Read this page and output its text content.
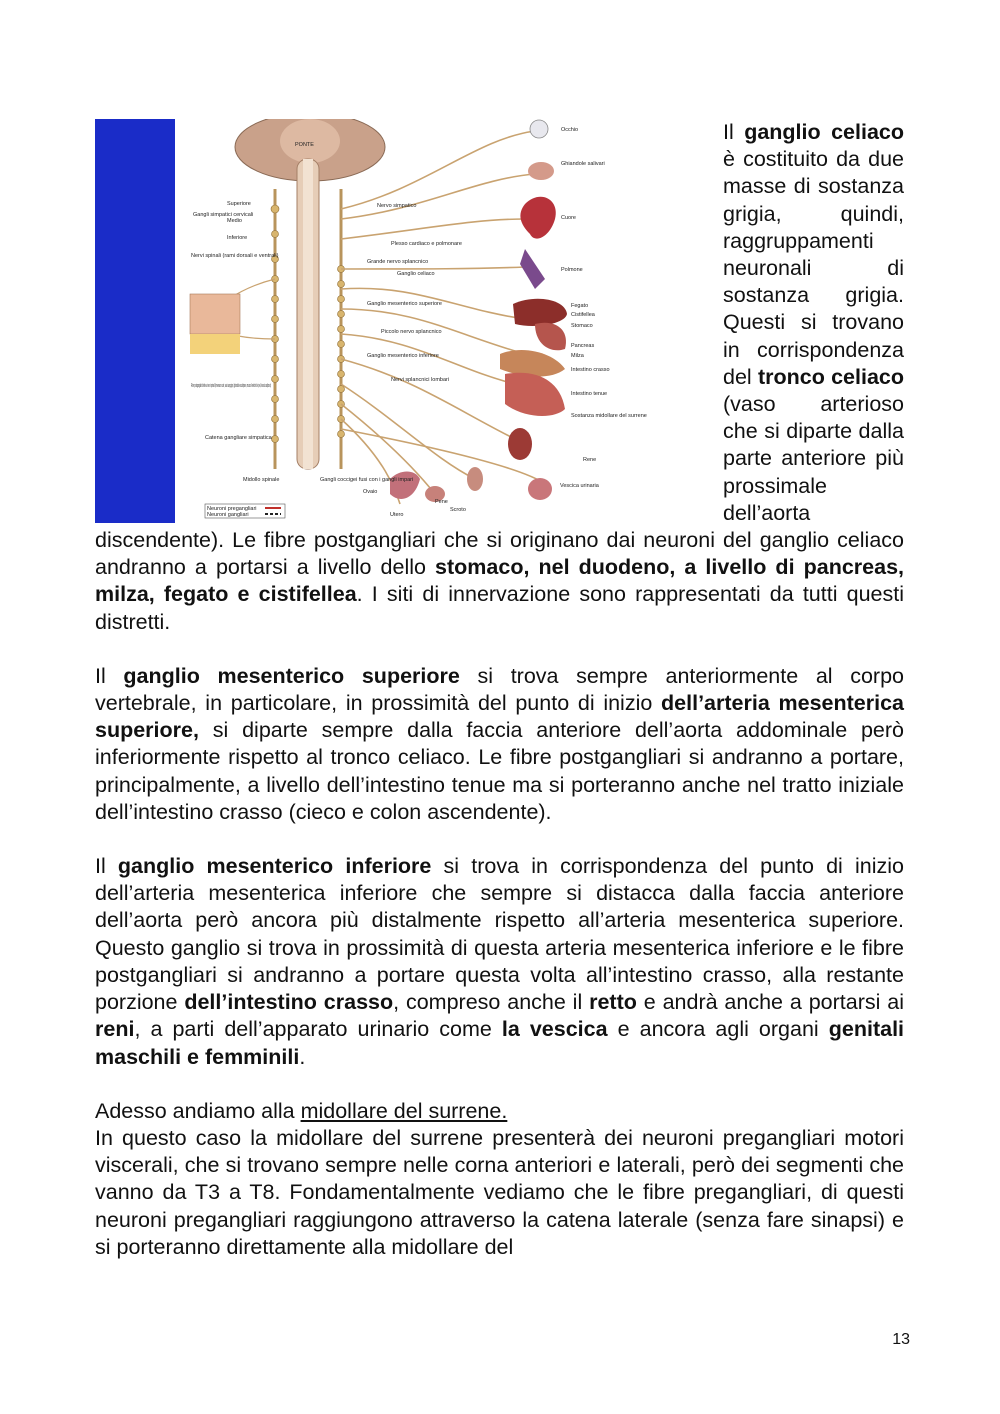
Occhio
Ghiandole salivari
Cuore
Polmone
Fegato
Cistifellea
Stomaco
Pancreas
Milza
Intestino crasso
Intestino tenue
Sostanza midollare del surrene
Rene
Vescica urinaria
Scroto
Pene
Utero
Ovaio
PONTE
Gangli simpatici cervicali
Superiore
Medio
Inferiore
Nervi spinali (rami dorsali e ventrali)
Nervo simpatico
Plesso cardiaco e polmonare
Grande nervo splancnico
Ganglio celiaco
Ganglio mesenterico superiore
Piccolo nervo splancnico
Ganglio mesenterico inferiore
Nervi splancnici lombari
Fibre postgangliari dirette ai nervi spinali (innervano cute, vasi sanguigni, ghiandole sudoripare, muscoli erettori dei peli, tessuto adiposo)
Catena gangliare simpatica
Midollo spinale	Gangli coccigei fusi con i gangli impari
Neuroni pregangliari
Neuroni gangliari

Il ganglio celiaco è costituito da due masse di sostanza grigia, quindi, raggruppamenti neuronali di sostanza grigia. Questi si trovano in corrispondenza del tronco celiaco (vaso arterioso che si diparte dalla parte anteriore più prossimale dell’aorta discendente). Le fibre postgangliari che si originano dai neuroni del ganglio celiaco andranno a portarsi a livello dello stomaco, nel duodeno, a livello di pancreas, milza, fegato e cistifellea. I siti di innervazione sono rappresentati da tutti questi distretti.

Il ganglio mesenterico superiore si trova sempre anteriormente al corpo vertebrale, in particolare, in prossimità del punto di inizio dell’arteria mesenterica superiore, si diparte sempre dalla faccia anteriore dell’aorta addominale però inferiormente rispetto al tronco celiaco. Le fibre postgangliari si andranno a portare, principalmente, a livello dell’intestino tenue ma si porteranno anche nel tratto iniziale dell’intestino crasso (cieco e colon ascendente).

Il ganglio mesenterico inferiore si trova in corrispondenza del punto di inizio dell’arteria mesenterica inferiore che sempre si distacca dalla faccia anteriore dell’aorta però ancora più distalmente rispetto all’arteria mesenterica superiore. Questo ganglio si trova in prossimità di questa arteria mesenterica inferiore e le fibre postgangliari si andranno a portare questa volta all’intestino crasso, alla restante porzione dell’intestino crasso, compreso anche il retto e andrà anche a portarsi ai reni, a parti dell’apparato urinario come la vescica e ancora agli organi genitali maschili e femminili.

Adesso andiamo alla midollare del surrene.

In questo caso la midollare del surrene presenterà dei neuroni pregangliari motori viscerali, che si trovano sempre nelle corna anteriori e laterali, però dei segmenti che vanno da T3 a T8. Fondamentalmente vediamo che le fibre pregangliari, di questi neuroni pregangliari raggiungono attraverso la catena laterale (senza fare sinapsi) e si porteranno direttamente alla midollare del

13
